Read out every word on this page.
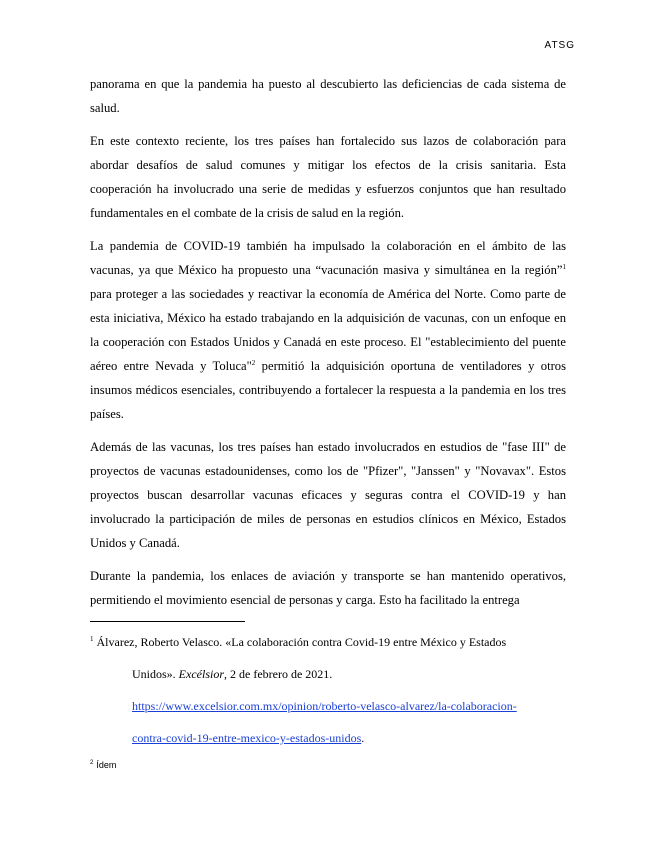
ATSG

panorama en que la pandemia ha puesto al descubierto las deficiencias de cada sistema de salud.

En este contexto reciente, los tres países han fortalecido sus lazos de colaboración para abordar desafíos de salud comunes y mitigar los efectos de la crisis sanitaria. Esta cooperación ha involucrado una serie de medidas y esfuerzos conjuntos que han resultado fundamentales en el combate de la crisis de salud en la región.

La pandemia de COVID-19 también ha impulsado la colaboración en el ámbito de las vacunas, ya que México ha propuesto una “vacunación masiva y simultánea en la región”$^1$ para proteger a las sociedades y reactivar la economía de América del Norte. Como parte de esta iniciativa, México ha estado trabajando en la adquisición de vacunas, con un enfoque en la cooperación con Estados Unidos y Canadá en este proceso. El "establecimiento del puente aéreo entre Nevada y Toluca"$^2$ permitió la adquisición oportuna de ventiladores y otros insumos médicos esenciales, contribuyendo a fortalecer la respuesta a la pandemia en los tres países.

Además de las vacunas, los tres países han estado involucrados en estudios de "fase III" de proyectos de vacunas estadounidenses, como los de "Pfizer", "Janssen" y "Novavax". Estos proyectos buscan desarrollar vacunas eficaces y seguras contra el COVID-19 y han involucrado la participación de miles de personas en estudios clínicos en México, Estados Unidos y Canadá.

Durante la pandemia, los enlaces de aviación y transporte se han mantenido operativos, permitiendo el movimiento esencial de personas y carga. Esto ha facilitado la entrega

$^1$ Álvarez, Roberto Velasco. «La colaboración contra Covid-19 entre México y Estados
Unidos». Excélsior, 2 de febrero de 2021.
https://www.excelsior.com.mx/opinion/roberto-velasco-alvarez/la-colaboracion-
contra-covid-19-entre-mexico-y-estados-unidos.
$^2$ Ídem
